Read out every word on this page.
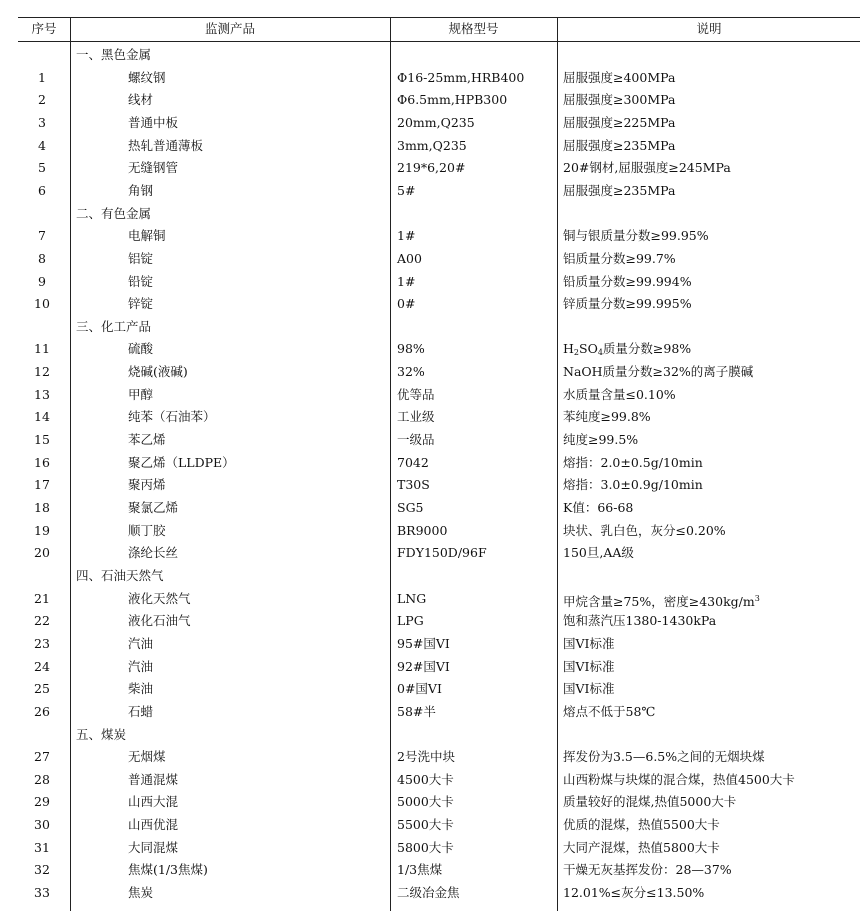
序号	监测产品	规格型号	说明
一、黑色金属
1	螺纹钢	Φ16-25mm,HRB400	屈服强度≥400MPa
2	线材	Φ6.5mm,HPB300	屈服强度≥300MPa
3	普通中板	20mm,Q235	屈服强度≥225MPa
4	热轧普通薄板	3mm,Q235	屈服强度≥235MPa
5	无缝钢管	219*6,20#	20#钢材,屈服强度≥245MPa
6	角钢	5#	屈服强度≥235MPa
二、有色金属
7	电解铜	1#	铜与银质量分数≥99.95%
8	铝锭	A00	铝质量分数≥99.7%
9	铅锭	1#	铅质量分数≥99.994%
10	锌锭	0#	锌质量分数≥99.995%
三、化工产品
11	硫酸	98%	$H_2SO_4$质量分数≥98%
12	烧碱(液碱)	32%	NaOH质量分数≥32%的离子膜碱
13	甲醇	优等品	水质量含量≤0.10%
14	纯苯（石油苯）	工业级	苯纯度≥99.8%
15	苯乙烯	一级品	纯度≥99.5%
16	聚乙烯（LLDPE）	7042	熔指：2.0±0.5g/10min
17	聚丙烯	T30S	熔指：3.0±0.9g/10min
18	聚氯乙烯	SG5	K值：66-68
19	顺丁胶	BR9000	块状、乳白色，灰分≤0.20%
20	涤纶长丝	FDY150D/96F	150旦,AA级
四、石油天然气
21	液化天然气	LNG	甲烷含量≥75%，密度$\ge 430kg/m^3$
22	液化石油气	LPG	饱和蒸汽压1380-1430kPa
23	汽油	95#国VI	国VI标准
24	汽油	92#国VI	国VI标准
25	柴油	0#国VI	国VI标准
26	石蜡	58#半	熔点不低于58℃
五、煤炭
27	无烟煤	2号洗中块	挥发份为3.5—6.5%之间的无烟块煤
28	普通混煤	4500大卡	山西粉煤与块煤的混合煤，热值4500大卡
29	山西大混	5000大卡	质量较好的混煤,热值5000大卡
30	山西优混	5500大卡	优质的混煤，热值5500大卡
31	大同混煤	5800大卡	大同产混煤，热值5800大卡
32	焦煤(1/3焦煤)	1/3焦煤	干燥无灰基挥发份：28—37%
33	焦炭	二级冶金焦	12.01%≤灰分≤13.50%
